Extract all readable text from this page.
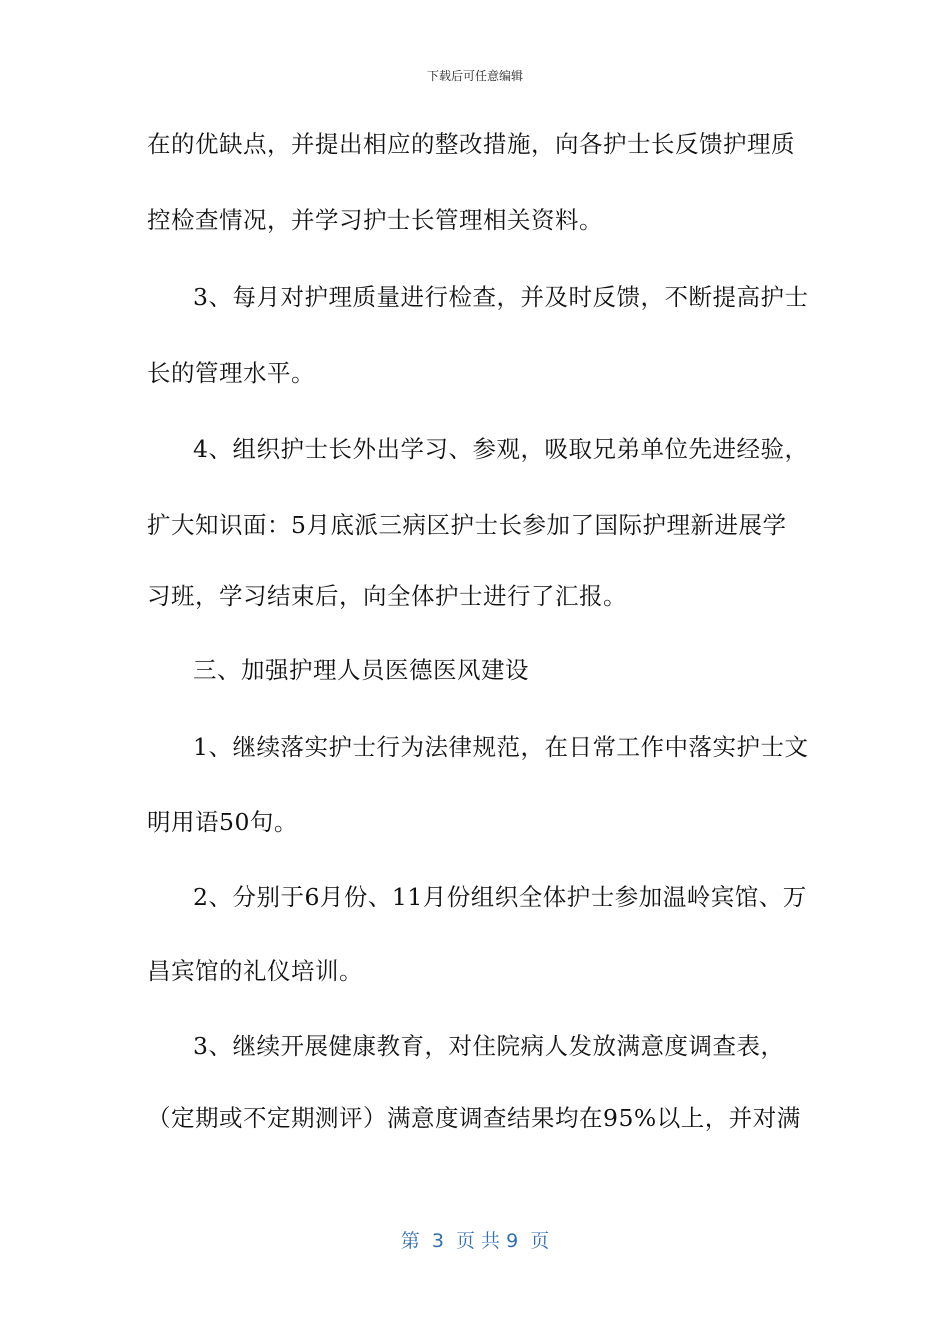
下载后可任意编辑
在的优缺点，并提出相应的整改措施，向各护士长反馈护理质
控检查情况，并学习护士长管理相关资料。
3、每月对护理质量进行检查，并及时反馈，不断提高护士
长的管理水平。
4、组织护士长外出学习、参观，吸取兄弟单位先进经验，
扩大知识面：5月底派三病区护士长参加了国际护理新进展学
习班，学习结束后，向全体护士进行了汇报。
三、加强护理人员医德医风建设
1、继续落实护士行为法律规范，在日常工作中落实护士文
明用语50句。
2、分别于6月份、11月份组织全体护士参加温岭宾馆、万
昌宾馆的礼仪培训。
3、继续开展健康教育，对住院病人发放满意度调查表，
（定期或不定期测评）满意度调查结果均在95%以上，并对满
第  3  页 共 9  页
